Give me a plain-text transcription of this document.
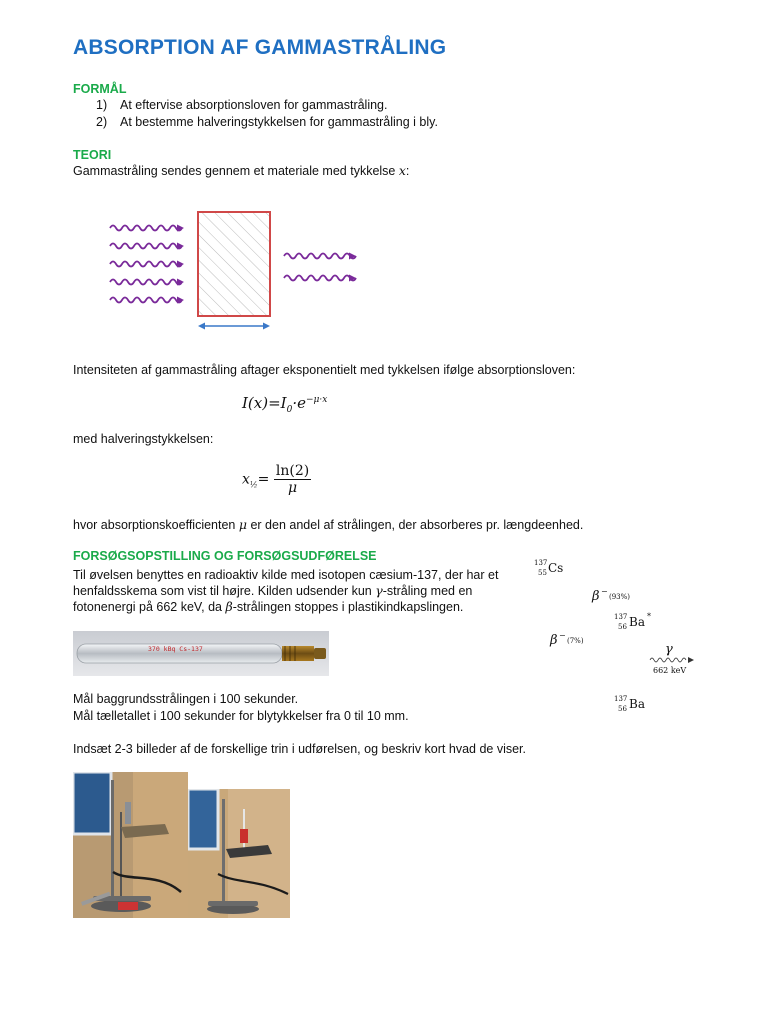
ABSORPTION AF GAMMASTRÅLING
FORMÅL
1) At eftervise absorptionsloven for gammastråling.
2) At bestemme halveringstykkelsen for gammastråling i bly.
TEORI
Gammastråling sendes gennem et materiale med tykkelse x:
Intensiteten af gammastråling aftager eksponentielt med tykkelsen ifølge absorptionsloven:
$I(x)=I_0\cdot e^{-\mu\cdot x}$
med halveringstykkelsen:
$x_{\frac{1}{2}}= \frac{\ln(2)}{\mu}$
hvor absorptionskoefficienten μ er den andel af strålingen, der absorberes pr. længdeenhed.
FORSØGSOPSTILLING OG FORSØGSUDFØRELSE
Til øvelsen benyttes en radioaktiv kilde med isotopen cæsium-137, der har et
henfaldsskema som vist til højre. Kilden udsender kun γ-stråling med en
fotonenergi på 662 keV, da β-strålingen stoppes i plastikindkapslingen.
370 kBq Cs-137
Mål baggrundsstrålingen i 100 sekunder.
Mål tælletallet i 100 sekunder for blytykkelser fra 0 til 10 mm.
Indsæt 2-3 billeder af de forskellige trin i udførelsen, og beskriv kort hvad de viser.
137
55 Cs
β −
(93%)
137
56 Ba *
β −
(7%)
γ
662 keV
137
56 Ba
